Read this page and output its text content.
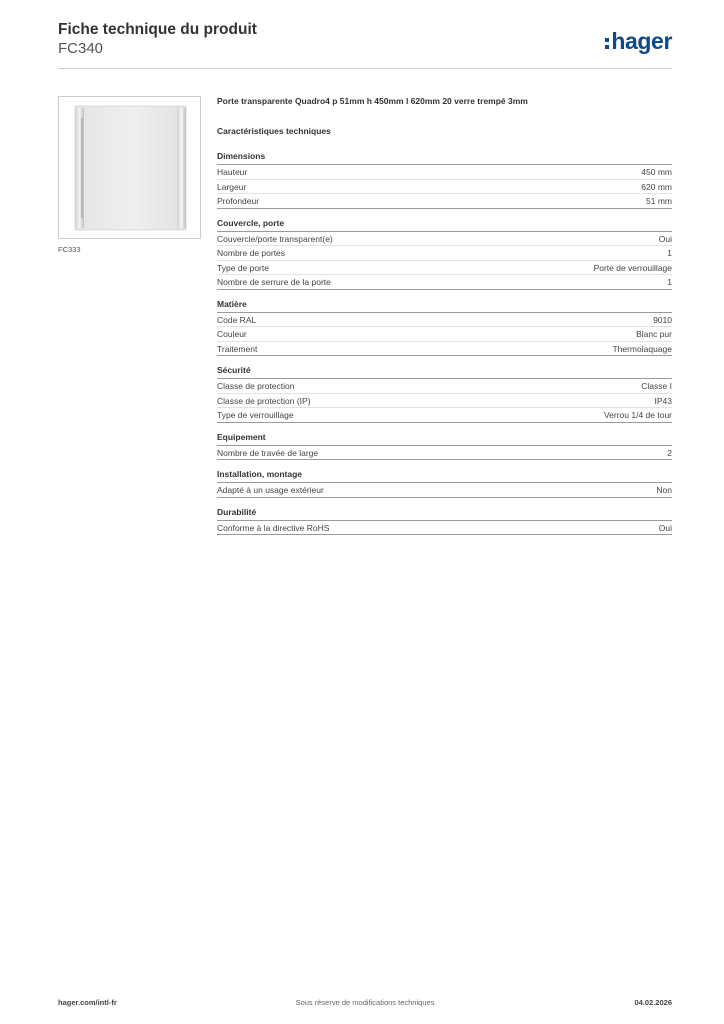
Fiche technique du produit
FC340	hager
FC333
Porte transparente Quadro4 p 51mm h 450mm l 620mm 20 verre trempé 3mm
Caractéristiques techniques
Dimensions
Hauteur	450 mm
Largeur	620 mm
Profondeur	51 mm
Couvercle, porte
Couvercle/porte transparent(e)	Oui
Nombre de portes	1
Type de porte	Porte de verrouillage
Nombre de serrure de la porte	1
Matière
Code RAL	9010
Couleur	Blanc pur
Traitement	Thermolaquage
Sécurité
Classe de protection	Classe I
Classe de protection (IP)	IP43
Type de verrouillage	Verrou 1/4 de tour
Equipement
Nombre de travée de large	2
Installation, montage
Adapté à un usage extérieur	Non
Durabilité
Conforme à la directive RoHS	Oui
hager.com/intl-fr	Sous réserve de modifications techniques	04.02.2026
